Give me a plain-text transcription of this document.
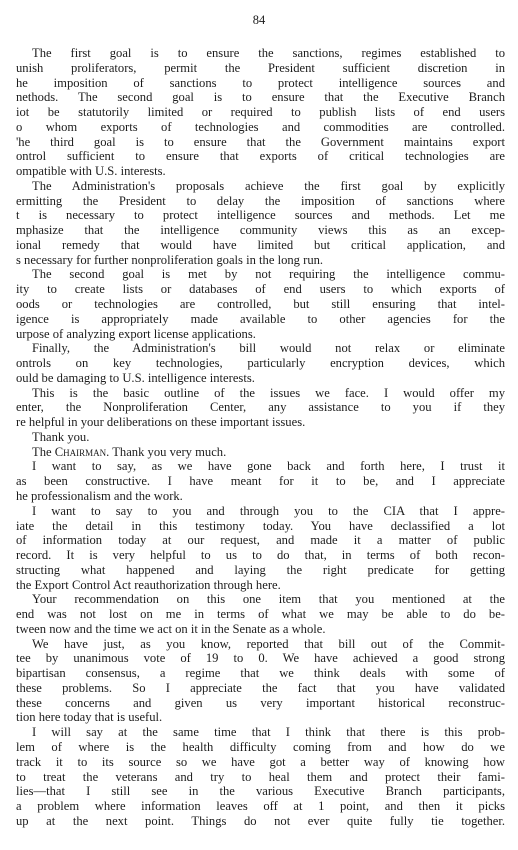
84
The first goal is to ensure the sanctions, regimes established to
unish proliferators, permit the President sufficient discretion in
he imposition of sanctions to protect intelligence sources and
nethods. The second goal is to ensure that the Executive Branch
iot be statutorily limited or required to publish lists of end users
o whom exports of technologies and commodities are controlled.
'he third goal is to ensure that the Government maintains export
ontrol sufficient to ensure that exports of critical technologies are
ompatible with U.S. interests.
The Administration's proposals achieve the first goal by explicitly
ermitting the President to delay the imposition of sanctions where
t is necessary to protect intelligence sources and methods. Let me
mphasize that the intelligence community views this as an excep-
ional remedy that would have limited but critical application, and
s necessary for further nonproliferation goals in the long run.
The second goal is met by not requiring the intelligence commu-
ity to create lists or databases of end users to which exports of
oods or technologies are controlled, but still ensuring that intel-
igence is appropriately made available to other agencies for the
urpose of analyzing export license applications.
Finally, the Administration's bill would not relax or eliminate
ontrols on key technologies, particularly encryption devices, which
ould be damaging to U.S. intelligence interests.
This is the basic outline of the issues we face. I would offer my
enter, the Nonproliferation Center, any assistance to you if they
re helpful in your deliberations on these important issues.
Thank you.
The Chairman. Thank you very much.
I want to say, as we have gone back and forth here, I trust it
as been constructive. I have meant for it to be, and I appreciate
he professionalism and the work.
I want to say to you and through you to the CIA that I appre-
iate the detail in this testimony today. You have declassified a lot
of information today at our request, and made it a matter of public
record. It is very helpful to us to do that, in terms of both recon-
structing what happened and laying the right predicate for getting
the Export Control Act reauthorization through here.
Your recommendation on this one item that you mentioned at the
end was not lost on me in terms of what we may be able to do be-
tween now and the time we act on it in the Senate as a whole.
We have just, as you know, reported that bill out of the Commit-
tee by unanimous vote of 19 to 0. We have achieved a good strong
bipartisan consensus, a regime that we think deals with some of
these problems. So I appreciate the fact that you have validated
these concerns and given us very important historical reconstruc-
tion here today that is useful.
I will say at the same time that I think that there is this prob-
lem of where is the health difficulty coming from and how do we
track it to its source so we have got a better way of knowing how
to treat the veterans and try to heal them and protect their fami-
lies—that I still see in the various Executive Branch participants,
a problem where information leaves off at 1 point, and then it picks
up at the next point. Things do not ever quite fully tie together.
